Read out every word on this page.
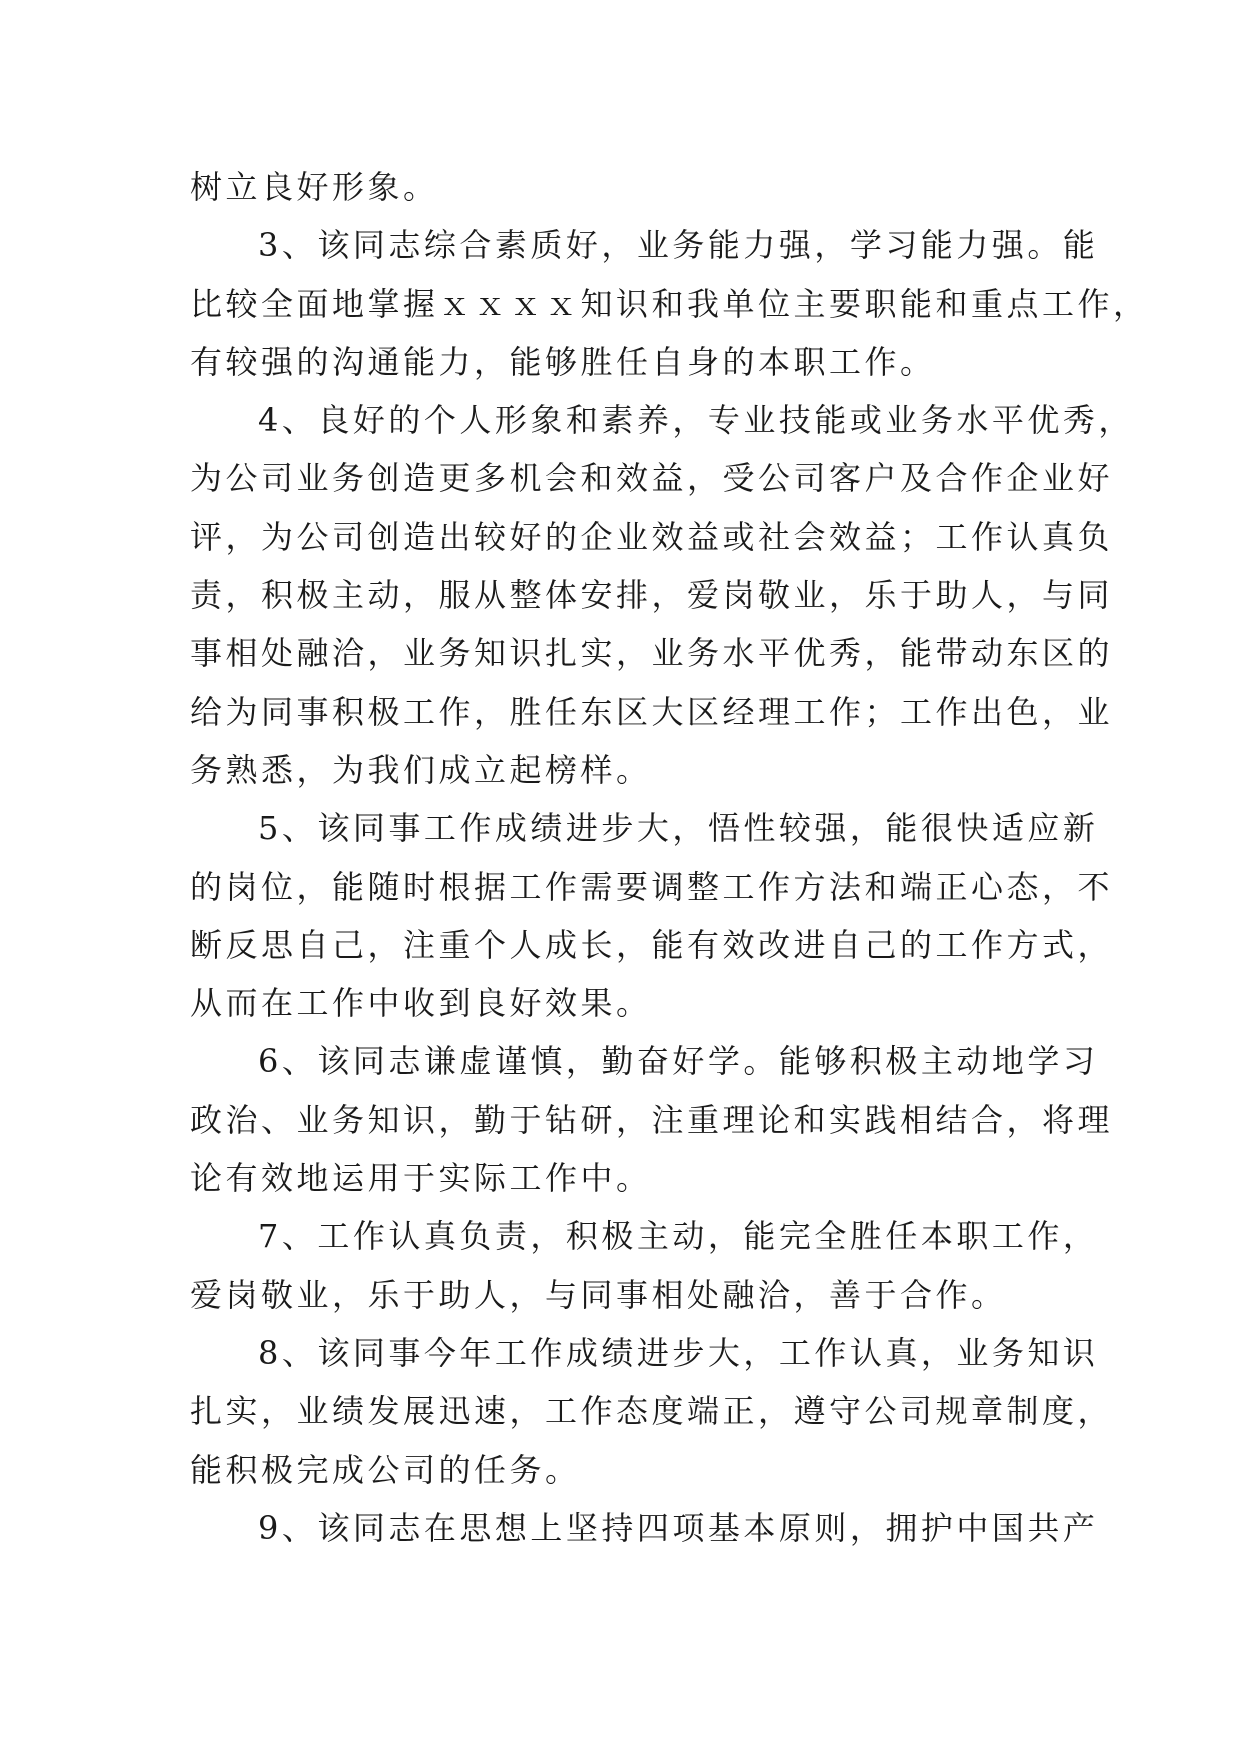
树立良好形象。
3、该同志综合素质好，业务能力强，学习能力强。能
比较全面地掌握ｘｘｘｘ知识和我单位主要职能和重点工作，
有较强的沟通能力，能够胜任自身的本职工作。
4、良好的个人形象和素养，专业技能或业务水平优秀，
为公司业务创造更多机会和效益，受公司客户及合作企业好
评，为公司创造出较好的企业效益或社会效益；工作认真负
责，积极主动，服从整体安排，爱岗敬业，乐于助人，与同
事相处融洽，业务知识扎实，业务水平优秀，能带动东区的
给为同事积极工作，胜任东区大区经理工作；工作出色，业
务熟悉，为我们成立起榜样。
5、该同事工作成绩进步大，悟性较强，能很快适应新
的岗位，能随时根据工作需要调整工作方法和端正心态，不
断反思自己，注重个人成长，能有效改进自己的工作方式，
从而在工作中收到良好效果。
6、该同志谦虚谨慎，勤奋好学。能够积极主动地学习
政治、业务知识，勤于钻研，注重理论和实践相结合，将理
论有效地运用于实际工作中。
7、工作认真负责，积极主动，能完全胜任本职工作，
爱岗敬业，乐于助人，与同事相处融洽，善于合作。
8、该同事今年工作成绩进步大，工作认真，业务知识
扎实，业绩发展迅速，工作态度端正，遵守公司规章制度，
能积极完成公司的任务。
9、该同志在思想上坚持四项基本原则，拥护中国共产
